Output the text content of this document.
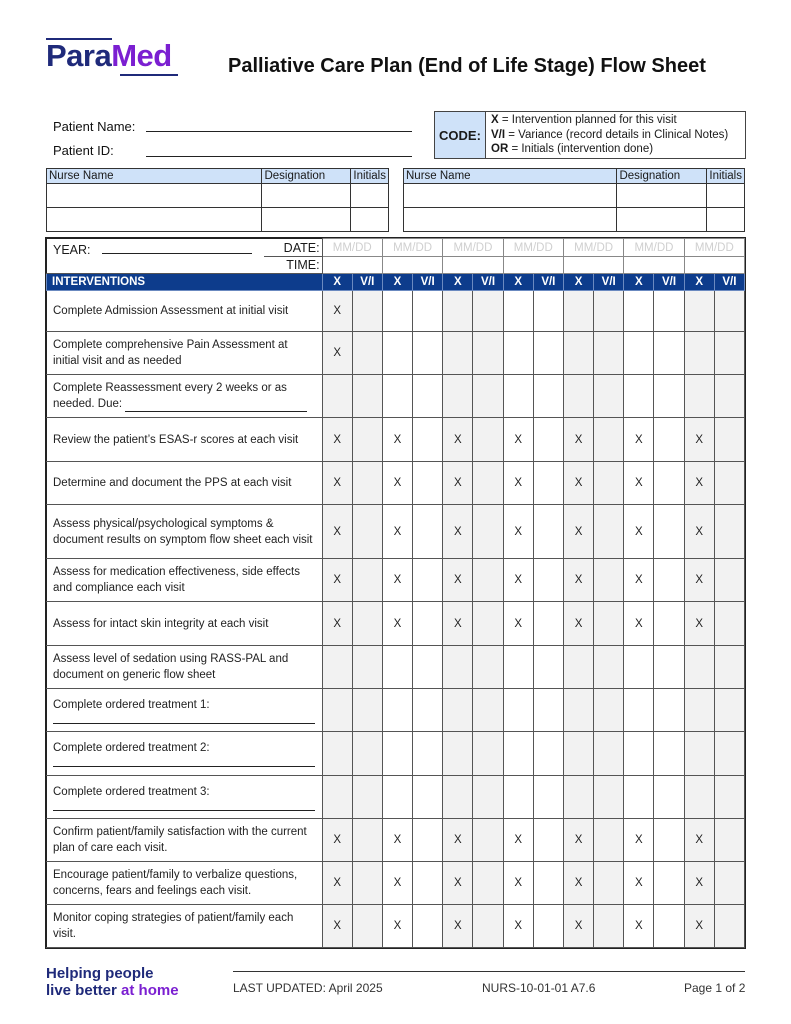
ParaMed	Palliative Care Plan (End of Life Stage) Flow Sheet
Patient Name:
Patient ID:
CODE:
X = Intervention planned for this visit
V/I = Variance (record details in Clinical Notes)
OR = Initials (intervention done)
Nurse Name	Designation	Initials

		Nurse Name	Designation	Initials

YEAR:	DATE:	MM/DD		MM/DD		MM/DD		MM/DD		MM/DD		MM/DD		MM/DD	
	TIME:														
INTERVENTIONS		X	V/I	X	V/I	X	V/I	X	V/I	X	V/I	X	V/I	X	V/I
Complete Admission Assessment at initial visit		X													
Complete comprehensive Pain Assessment at initial visit and as needed		X													
Complete Reassessment every 2 weeks or as needed. Due:															
Review the patient’s ESAS-r scores at each visit		X		X		X		X		X		X		X	
Determine and document the PPS at each visit		X		X		X		X		X		X		X	
Assess physical/psychological symptoms & document results on symptom flow sheet each visit		X		X		X		X		X		X		X	
Assess for medication effectiveness, side effects and compliance each visit		X		X		X		X		X		X		X	
Assess for intact skin integrity at each visit		X		X		X		X		X		X		X	
Assess level of sedation using RASS-PAL and document on generic flow sheet															
Complete ordered treatment 1:	

Complete ordered treatment 2:	

Complete ordered treatment 3:	

Confirm patient/family satisfaction with the current plan of care each visit.		X		X		X		X		X		X		X	
Encourage patient/family to verbalize questions, concerns, fears and feelings each visit.		X		X		X		X		X		X		X	
Monitor coping strategies of patient/family each visit.		X		X		X		X		X		X		X	
Helping people
live better at home	LAST UPDATED: April 2025	NURS-10-01-01 A7.6	Page 1 of 2
